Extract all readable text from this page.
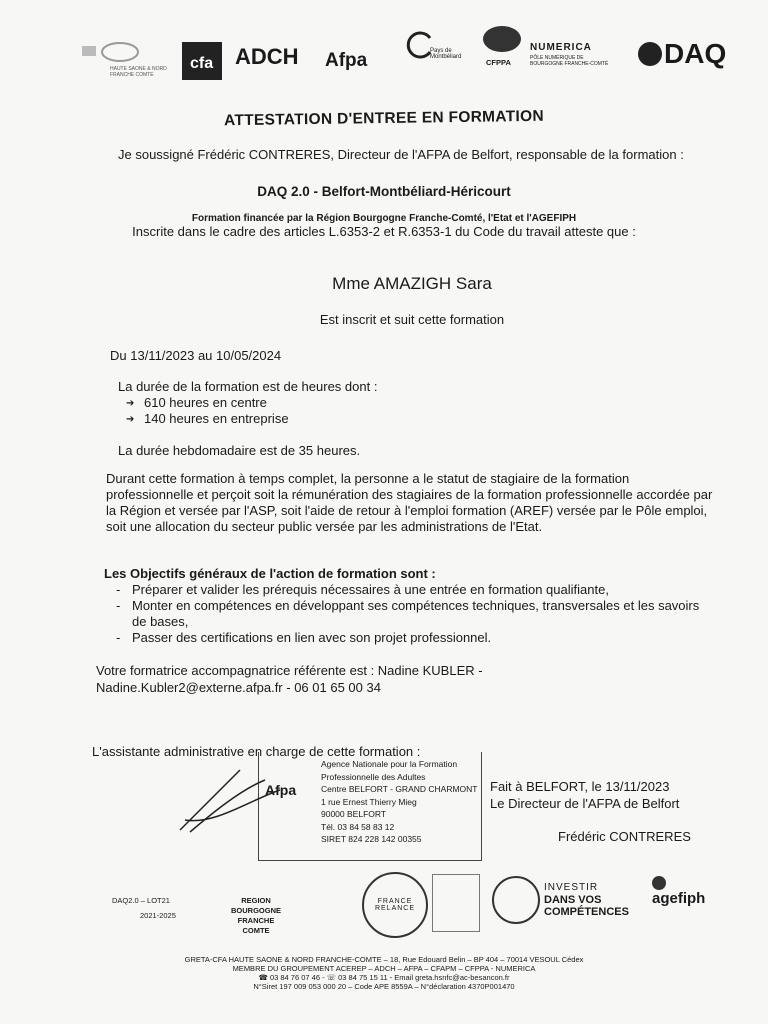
HAUTE SAONE & NORD FRANCHE COMTE
cfa ADCH Afpa	Pays de Montbéliard
CFPPA
NUMERICA
PÔLE NUMÉRIQUE DE BOURGOGNE FRANCHE-COMTÉ DAQ
ATTESTATION D'ENTREE EN FORMATION
Je soussigné Frédéric CONTRERES, Directeur de l'AFPA de Belfort, responsable de la formation :
DAQ 2.0 - Belfort-Montbéliard-Héricourt
Formation financée par la Région Bourgogne Franche-Comté, l'Etat et l'AGEFIPH
Inscrite dans le cadre des articles L.6353-2 et R.6353-1 du Code du travail atteste que :
Mme AMAZIGH Sara
Est inscrit et suit cette formation
Du 13/11/2023 au 10/05/2024
La durée de la formation est de heures dont :
➔ 610 heures en centre
➔ 140 heures en entreprise
La durée hebdomadaire est de 35 heures.
Durant cette formation à temps complet, la personne a le statut de stagiaire de la formation professionnelle et perçoit soit la rémunération des stagiaires de la formation professionnelle accordée par la Région et versée par l'ASP, soit l'aide de retour à l'emploi formation (AREF) versée par le Pôle emploi, soit une allocation du secteur public versée par les administrations de l'Etat.
Les Objectifs généraux de l'action de formation sont :
- Préparer et valider les prérequis nécessaires à une entrée en formation qualifiante,
- Monter en compétences en développant ses compétences techniques, transversales et les savoirs de bases,
- Passer des certifications en lien avec son projet professionnel.
Votre formatrice accompagnatrice référente est : Nadine KUBLER -
Nadine.Kubler2@externe.afpa.fr - 06 01 65 00 34
L'assistante administrative en charge de cette formation :
Afpa
Agence Nationale pour la Formation
Professionnelle des Adultes
Centre BELFORT - GRAND CHARMONT
1 rue Ernest Thierry Mieg
90000 BELFORT
Tél. 03 84 58 83 12
SIRET 824 228 142 00355
Fait à BELFORT, le 13/11/2023
Le Directeur de l'AFPA de Belfort
Frédéric CONTRERES
DAQ2.0 – LOT21
2021-2025
REGION BOURGOGNE FRANCHE COMTE
FRANCE RELANCE
INVESTIR
DANS VOS
COMPÉTENCES
agefiph
GRETA-CFA HAUTE SAONE & NORD FRANCHE-COMTE – 18, Rue Edouard Belin – BP 404 – 70014 VESOUL Cédex
MEMBRE DU GROUPEMENT ACEREP – ADCH – AFPA – CFAPM – CFPPA - NUMERICA
☎ 03 84 76 07 46 - ☏ 03 84 75 15 11 - Email greta.hsnfc@ac-besancon.fr
N°Siret 197 009 053 000 20 – Code APE 8559A – N°déclaration 4370P001470
